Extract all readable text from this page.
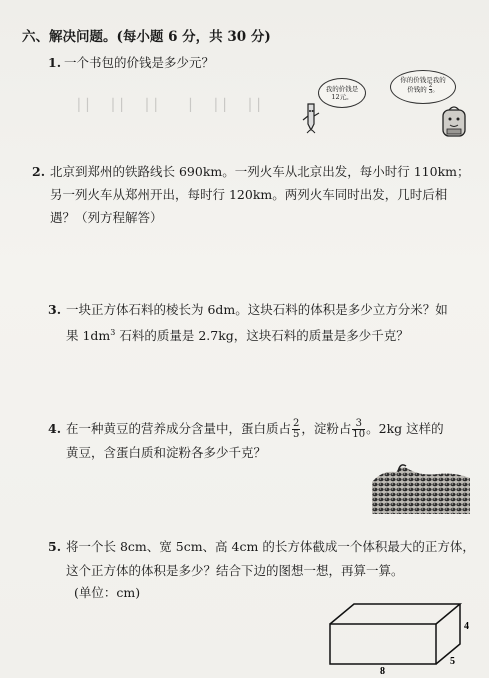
▕ ▏ ▕ ▏ ▕ ▏ ▏ ▕ ▏ ▕ ▏
六、解决问题。(每小题 6 分，共 30 分)
1. 一个书包的价钱是多少元？
我的价钱是
12元。
你的价钱是我的
价钱的 $\frac{2}{3}$ 。
2. 北京到郑州的铁路线长 690km。一列火车从北京出发，每小时行 110km；
另一列火车从郑州开出，每时行 120km。两列火车同时出发，几时后相
遇？（列方程解答）
3. 一块正方体石料的棱长为 6dm。这块石料的体积是多少立方分米？如
果 $1dm^3$ 石料的质量是 2.7kg，这块石料的质量是多少千克？
4. 在一种黄豆的营养成分含量中，蛋白质占 $\frac{2}{5}$ ，淀粉占 $\frac{3}{10}$ 。2kg 这样的
黄豆，含蛋白质和淀粉各多少千克？
5. 将一个长 8cm、宽 5cm、高 4cm 的长方体截成一个体积最大的正方体，
这个正方体的体积是多少？结合下边的图想一想，再算一算。
(单位：cm)
4
8
5
